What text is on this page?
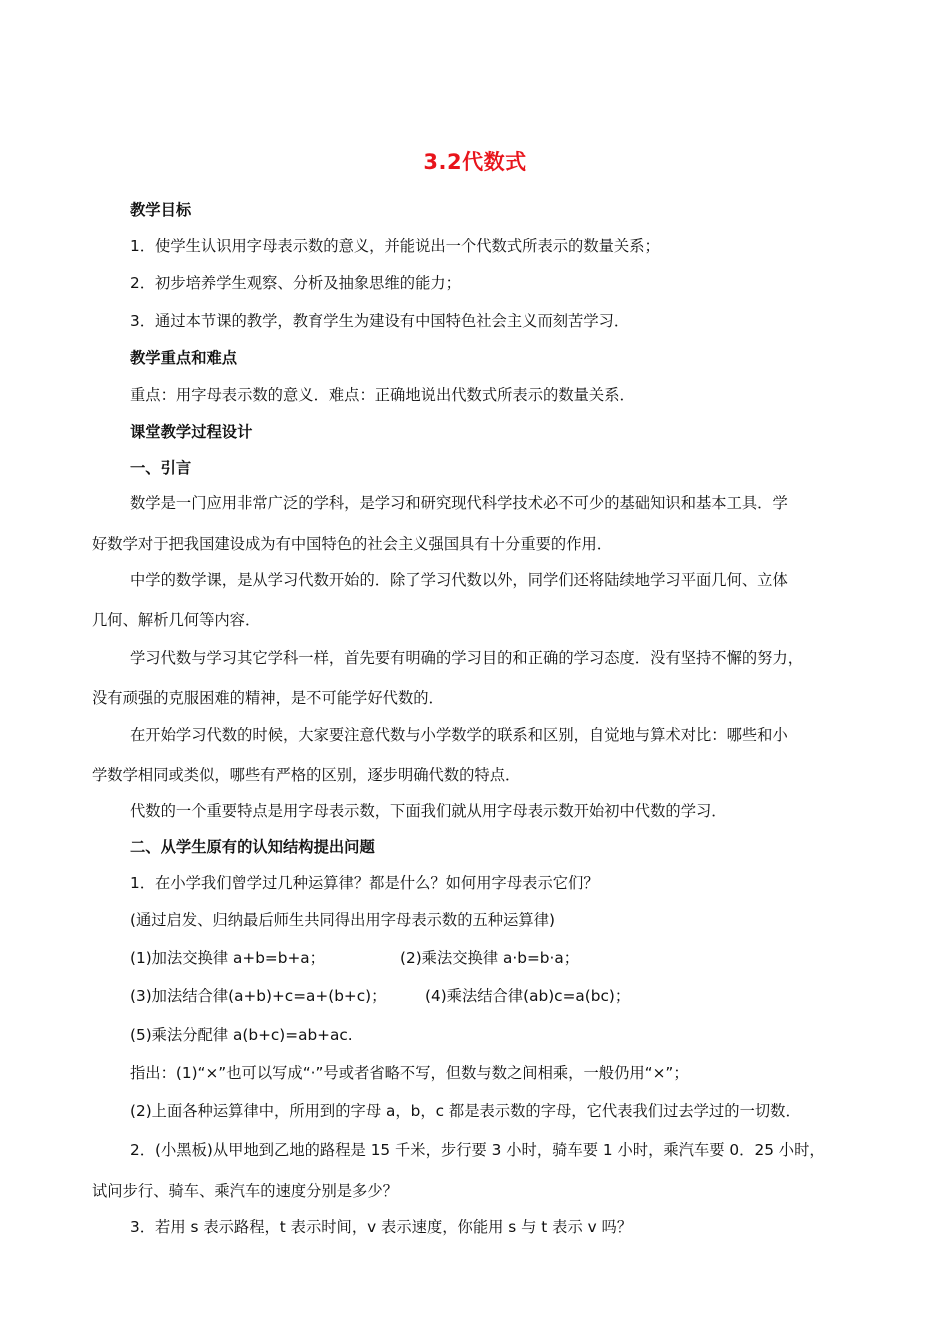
3.2代数式
教学目标
1．使学生认识用字母表示数的意义，并能说出一个代数式所表示的数量关系；
2．初步培养学生观察、分析及抽象思维的能力；
3．通过本节课的教学，教育学生为建设有中国特色社会主义而刻苦学习．
教学重点和难点
重点：用字母表示数的意义．难点：正确地说出代数式所表示的数量关系．
课堂教学过程设计
一、引言
数学是一门应用非常广泛的学科，是学习和研究现代科学技术必不可少的基础知识和基本工具．学
好数学对于把我国建设成为有中国特色的社会主义强国具有十分重要的作用．
中学的数学课，是从学习代数开始的．除了学习代数以外，同学们还将陆续地学习平面几何、立体
几何、解析几何等内容．
学习代数与学习其它学科一样，首先要有明确的学习目的和正确的学习态度．没有坚持不懈的努力，
没有顽强的克服困难的精神，是不可能学好代数的．
在开始学习代数的时候，大家要注意代数与小学数学的联系和区别，自觉地与算术对比：哪些和小
学数学相同或类似，哪些有严格的区别，逐步明确代数的特点．
代数的一个重要特点是用字母表示数，下面我们就从用字母表示数开始初中代数的学习．
二、从学生原有的认知结构提出问题
1．在小学我们曾学过几种运算律？都是什么？如何用字母表示它们？
(通过启发、归纳最后师生共同得出用字母表示数的五种运算律)
(1)加法交换律 a+b=b+a；	(2)乘法交换律 a·b=b·a；
(3)加法结合律(a+b)+c=a+(b+c)；	(4)乘法结合律(ab)c=a(bc)；
(5)乘法分配律 a(b+c)=ab+ac.
指出：(1)“×”也可以写成“·”号或者省略不写，但数与数之间相乘，一般仍用“×”；
(2)上面各种运算律中，所用到的字母 a，b，c 都是表示数的字母，它代表我们过去学过的一切数．
2．(小黑板)从甲地到乙地的路程是 15 千米，步行要 3 小时，骑车要 1 小时，乘汽车要 0．25 小时，
试问步行、骑车、乘汽车的速度分别是多少？
3．若用 s 表示路程，t 表示时间，v 表示速度，你能用 s 与 t 表示 v 吗？
